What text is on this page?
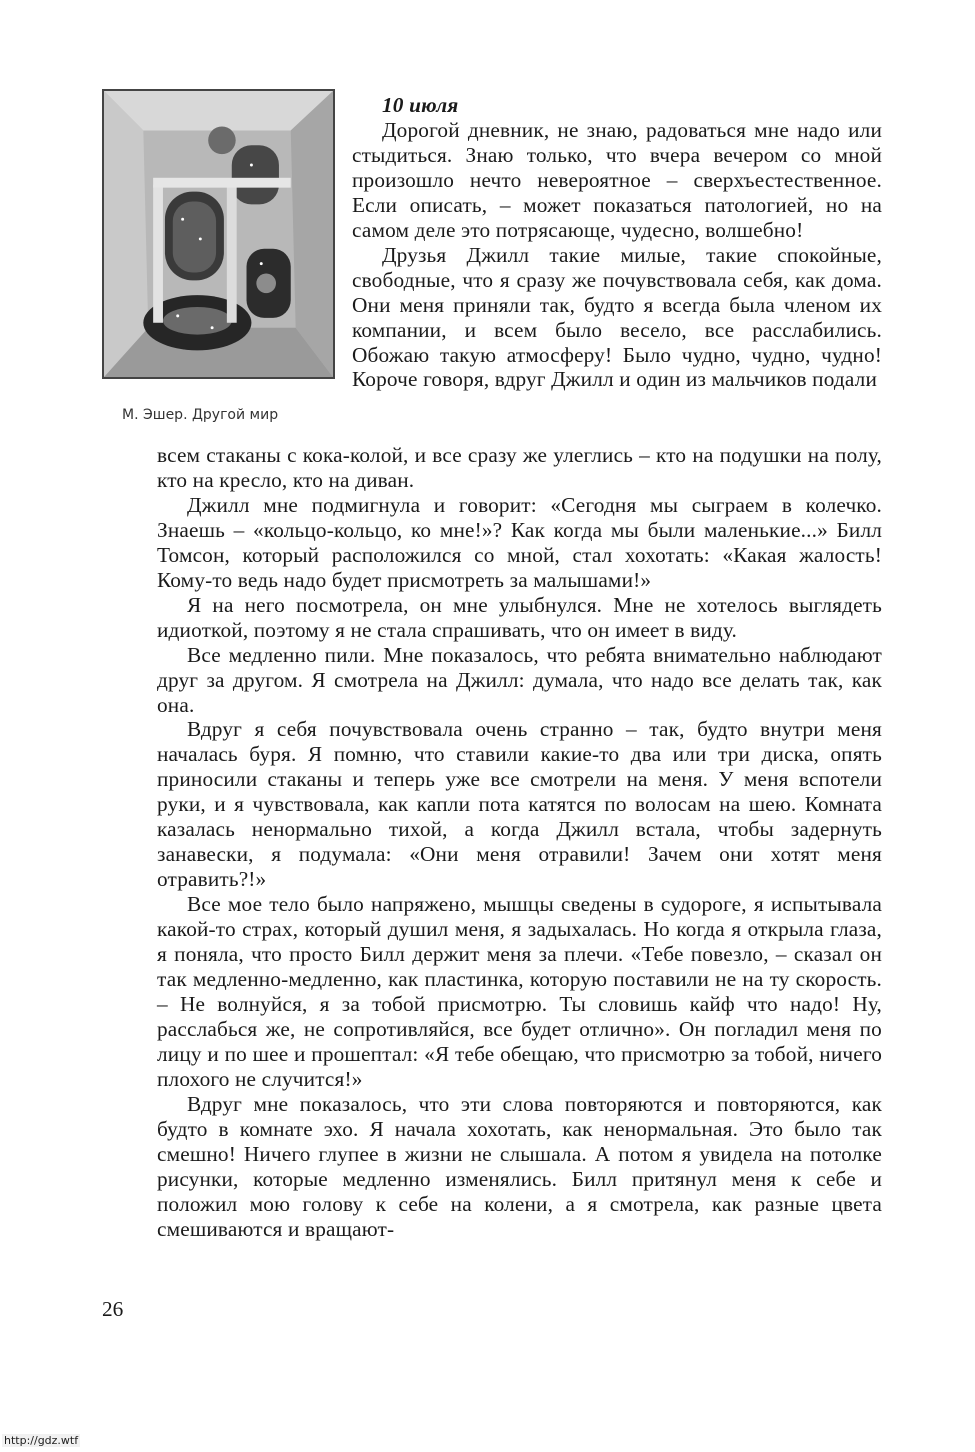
М. Эшер. Другой мир
10 июля

Дорогой дневник, не знаю, радоваться мне надо или стыдиться. Знаю только, что вчера вечером со мной произошло нечто невероятное – сверхъестественное. Если описать, – может показаться патологией, но на самом деле это потрясающе, чудесно, волшебно!

Друзья Джилл такие милые, такие спокойные, свободные, что я сразу же почувствовала себя, как дома. Они меня приняли так, будто я всегда была членом их компании, и всем было весело, все расслабились. Обожаю такую атмосферу! Было чудно, чудно, чудно! Короче говоря, вдруг Джилл и один из мальчиков подали

всем стаканы с кока-колой, и все сразу же улеглись – кто на подушки на полу, кто на кресло, кто на диван.

Джилл мне подмигнула и говорит: «Сегодня мы сыграем в колечко. Знаешь – «кольцо-кольцо, ко мне!»? Как когда мы были маленькие...» Билл Томсон, который расположился со мной, стал хохотать: «Какая жалость! Кому-то ведь надо будет присмотреть за малышами!»

Я на него посмотрела, он мне улыбнулся. Мне не хотелось выглядеть идиоткой, поэтому я не стала спрашивать, что он имеет в виду.

Все медленно пили. Мне показалось, что ребята внимательно наблюдают друг за другом. Я смотрела на Джилл: думала, что надо все делать так, как она.

Вдруг я себя почувствовала очень странно – так, будто внутри меня началась буря. Я помню, что ставили какие-то два или три диска, опять приносили стаканы и теперь уже все смотрели на меня. У меня вспотели руки, и я чувствовала, как капли пота катятся по волосам на шею. Комната казалась ненормально тихой, а когда Джилл встала, чтобы задернуть занавески, я подумала: «Они меня отравили! Зачем они хотят меня отравить?!»

Все мое тело было напряжено, мышцы сведены в судороге, я испытывала какой-то страх, который душил меня, я задыхалась. Но когда я открыла глаза, я поняла, что просто Билл держит меня за плечи. «Тебе повезло, – сказал он так медленно-медленно, как пластинка, которую поставили не на ту скорость. – Не волнуйся, я за тобой присмотрю. Ты словишь кайф что надо! Ну, расслабься же, не сопротивляйся, все будет отлично». Он погладил меня по лицу и по шее и прошептал: «Я тебе обещаю, что присмотрю за тобой, ничего плохого не случится!»

Вдруг мне показалось, что эти слова повторяются и повторяются, как будто в комнате эхо. Я начала хохотать, как ненормальная. Это было так смешно! Ничего глупее в жизни не слышала. А потом я увидела на потолке рисунки, которые медленно изменялись. Билл притянул меня к себе и положил мою голову к себе на колени, а я смотрела, как разные цвета смешиваются и вращают-

26
http://gdz.wtf
